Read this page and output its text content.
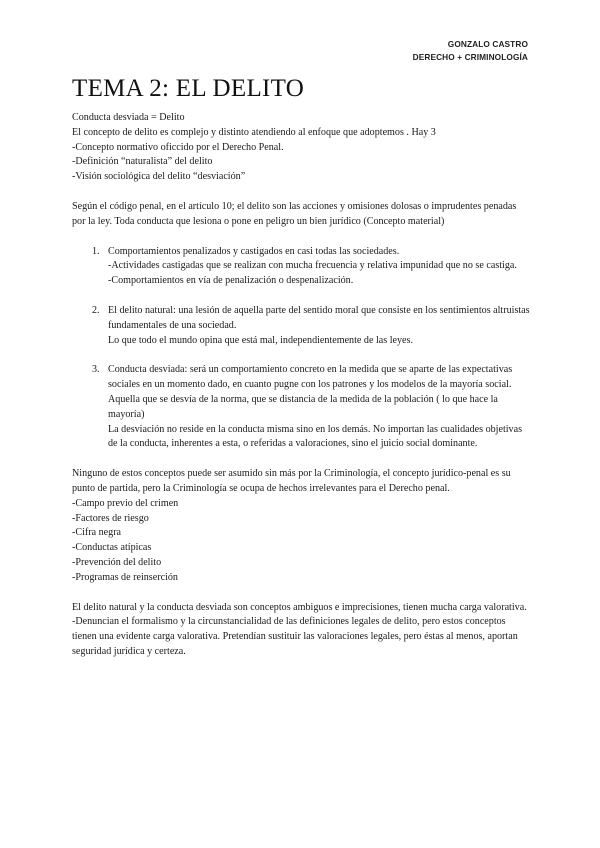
GONZALO CASTRO
DERECHO + CRIMINOLOGÍA
TEMA 2: EL DELITO

Conducta desviada = Delito

El concepto de delito es complejo y distinto atendiendo al enfoque que adoptemos . Hay 3

-Concepto normativo oficcido por el Derecho Penal.

-Definición “naturalista” del delito

-Visión sociológica del delito “desviación”

Según el código penal, en el artículo 10; el delito son las acciones y omisiones dolosas o imprudentes penadas por la ley. Toda conducta que lesiona o pone en peligro un bien jurídico (Concepto material)

1. Comportamientos penalizados y castigados en casi todas las sociedades.

-Actividades castigadas que se realizan con mucha frecuencia y relativa impunidad que no se castiga.

-Comportamientos en vía de penalización o despenalización.

2. El delito natural: una lesión de aquella parte del sentido moral que consiste en los sentimientos altruistas fundamentales de una sociedad.

Lo que todo el mundo opina que está mal, independientemente de las leyes.

3. Conducta desviada: será un comportamiento concreto en la medida que se aparte de las expectativas sociales en un momento dado, en cuanto pugne con los patrones y los modelos de la mayoría social. Aquella que se desvía de la norma, que se distancia de la medida de la población ( lo que hace la mayoría)

La desviación no reside en la conducta misma sino en los demás. No importan las cualidades objetivas de la conducta, inherentes a esta, o referidas a valoraciones, sino el juicio social dominante.

Ninguno de estos conceptos puede ser asumido sin más por la Criminología, el concepto jurídico-penal es su punto de partida, pero la Criminología se ocupa de hechos irrelevantes para el Derecho penal.

-Campo previo del crimen

-Factores de riesgo

-Cifra negra

-Conductas atípicas

-Prevención del delito

-Programas de reinserción

El delito natural y la conducta desviada son conceptos ambiguos e imprecisiones, tienen mucha carga valorativa.

-Denuncian el formalismo y la circunstancialidad de las definiciones legales de delito, pero estos conceptos tienen una evidente carga valorativa. Pretendían sustituir las valoraciones legales, pero éstas al menos, aportan seguridad jurídica y certeza.
